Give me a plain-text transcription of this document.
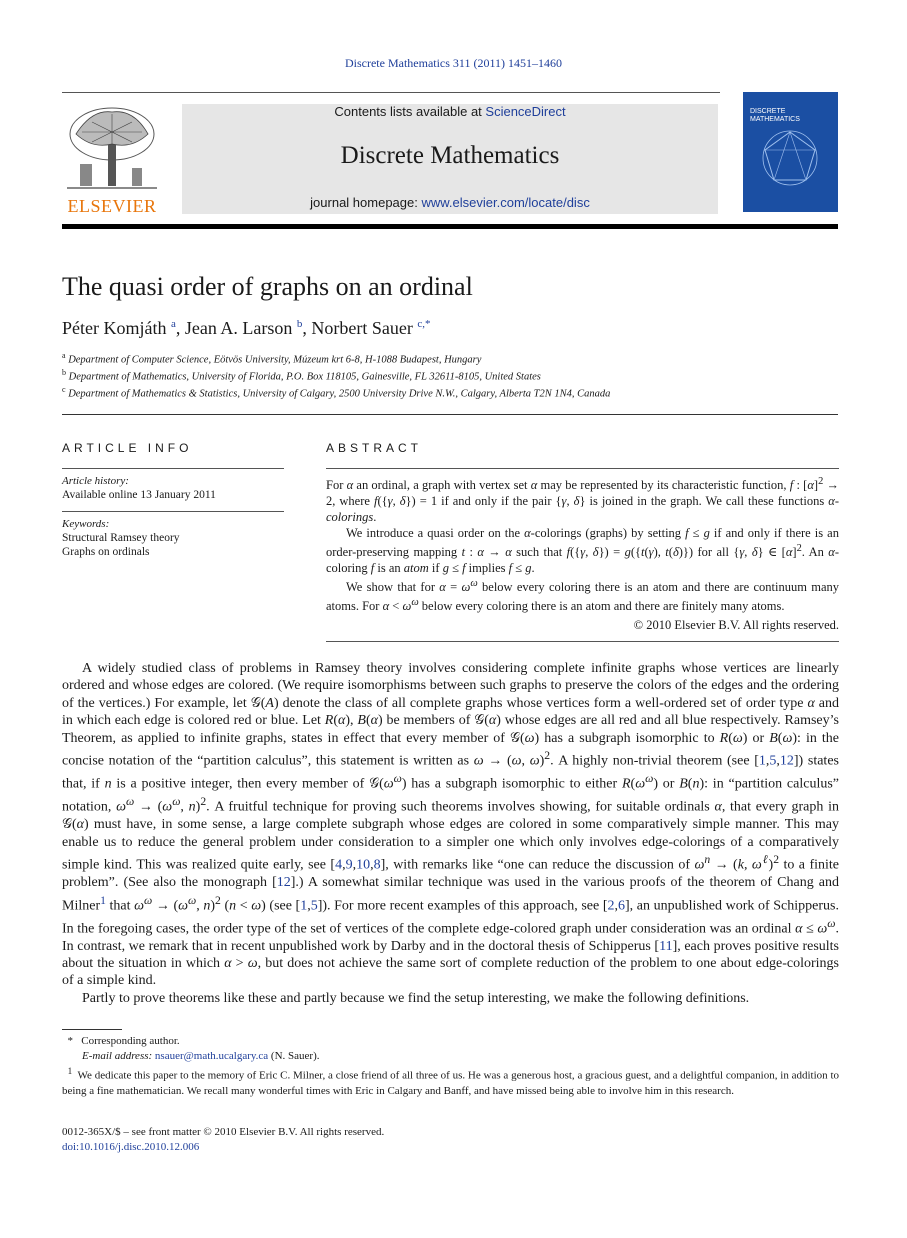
Discrete Mathematics 311 (2011) 1451–1460
ELSEVIER
Contents lists available at ScienceDirect
Discrete Mathematics
journal homepage: www.elsevier.com/locate/disc
DISCRETE MATHEMATICS
The quasi order of graphs on an ordinal
Péter Komjáth $^a$, Jean A. Larson $^b$, Norbert Sauer $^{c,*}$
$^a$ Department of Computer Science, Eötvös University, Múzeum krt 6-8, H-1088 Budapest, Hungary
$^b$ Department of Mathematics, University of Florida, P.O. Box 118105, Gainesville, FL 32611-8105, United States
$^c$ Department of Mathematics & Statistics, University of Calgary, 2500 University Drive N.W., Calgary, Alberta T2N 1N4, Canada
ARTICLE INFO
Article history:
Available online 13 January 2011
Keywords:
Structural Ramsey theory
Graphs on ordinals
ABSTRACT

For α an ordinal, a graph with vertex set α may be represented by its characteristic function, f : $[\alpha]^2 \to 2$, where f({γ, δ}) = 1 if and only if the pair {γ, δ} is joined in the graph. We call these functions α-colorings.

We introduce a quasi order on the α-colorings (graphs) by setting f ≤ g if and only if there is an order-preserving mapping t : α → α such that f({γ, δ}) = g({t(γ), t(δ)}) for all {γ, δ} ∈ $[\alpha]^2$. An α-coloring f is an atom if g ≤ f implies f ≤ g.

We show that for $\alpha = \omega^\omega$ below every coloring there is an atom and there are continuum many atoms. For $\alpha < \omega^\omega$ below every coloring there is an atom and there are finitely many atoms.

© 2010 Elsevier B.V. All rights reserved.

A widely studied class of problems in Ramsey theory involves considering complete infinite graphs whose vertices are linearly ordered and whose edges are colored. (We require isomorphisms between such graphs to preserve the colors of the edges and the ordering of the vertices.) For example, let 𝒢(A) denote the class of all complete graphs whose vertices form a well-ordered set of order type α and in which each edge is colored red or blue. Let R(α), B(α) be members of 𝒢(α) whose edges are all red and all blue respectively. Ramsey’s Theorem, as applied to infinite graphs, states in effect that every member of 𝒢(ω) has a subgraph isomorphic to R(ω) or B(ω): in the concise notation of the “partition calculus”, this statement is written as ω → (ω, ω)$^2$. A highly non-trivial theorem (see [1,5,12]) states that, if n is a positive integer, then every member of $𝒢(\omega^\omega)$ has a subgraph isomorphic to either $R(\omega^\omega)$ or B(n): in “partition calculus” notation, $\omega^\omega \to (\omega^\omega$, n)$^2$. A fruitful technique for proving such theorems involves showing, for suitable ordinals α, that every graph in 𝒢(α) must have, in some sense, a large complete subgraph whose edges are colored in some comparatively simple manner. This may enable us to reduce the general problem under consideration to a simpler one which only involves edge-colorings of a comparatively simple kind. This was realized quite early, see [4,9,10,8], with remarks like “one can reduce the discussion of $\omega^n \to (k$, $\omega^\ell)^2$ to a finite problem”. (See also the monograph [12].) A somewhat similar technique was used in the various proofs of the theorem of Chang and Milner$^1$ that $\omega^\omega \to (\omega^\omega$, n)$^2$ (n < ω) (see [1,5]). For more recent examples of this approach, see [2,6], an unpublished work of Schipperus. In the foregoing cases, the order type of the set of vertices of the complete edge-colored graph under consideration was an ordinal $\alpha \le \omega^\omega$. In contrast, we remark that in recent unpublished work by Darby and in the doctoral thesis of Schipperus [11], each proves positive results about the situation in which α > ω, but does not achieve the same sort of complete reduction of the problem to one about edge-colorings of a simple kind.

Partly to prove theorems like these and partly because we find the setup interesting, we make the following definitions.

*   Corresponding author.

E-mail address: nsauer@math.ucalgary.ca (N. Sauer).

$^1$ We dedicate this paper to the memory of Eric C. Milner, a close friend of all three of us. He was a generous host, a gracious guest, and a delightful companion, in addition to being a fine mathematician. We recall many wonderful times with Eric in Calgary and Banff, and have missed being able to involve him in this research.

0012-365X/$ – see front matter © 2010 Elsevier B.V. All rights reserved.
doi:10.1016/j.disc.2010.12.006
